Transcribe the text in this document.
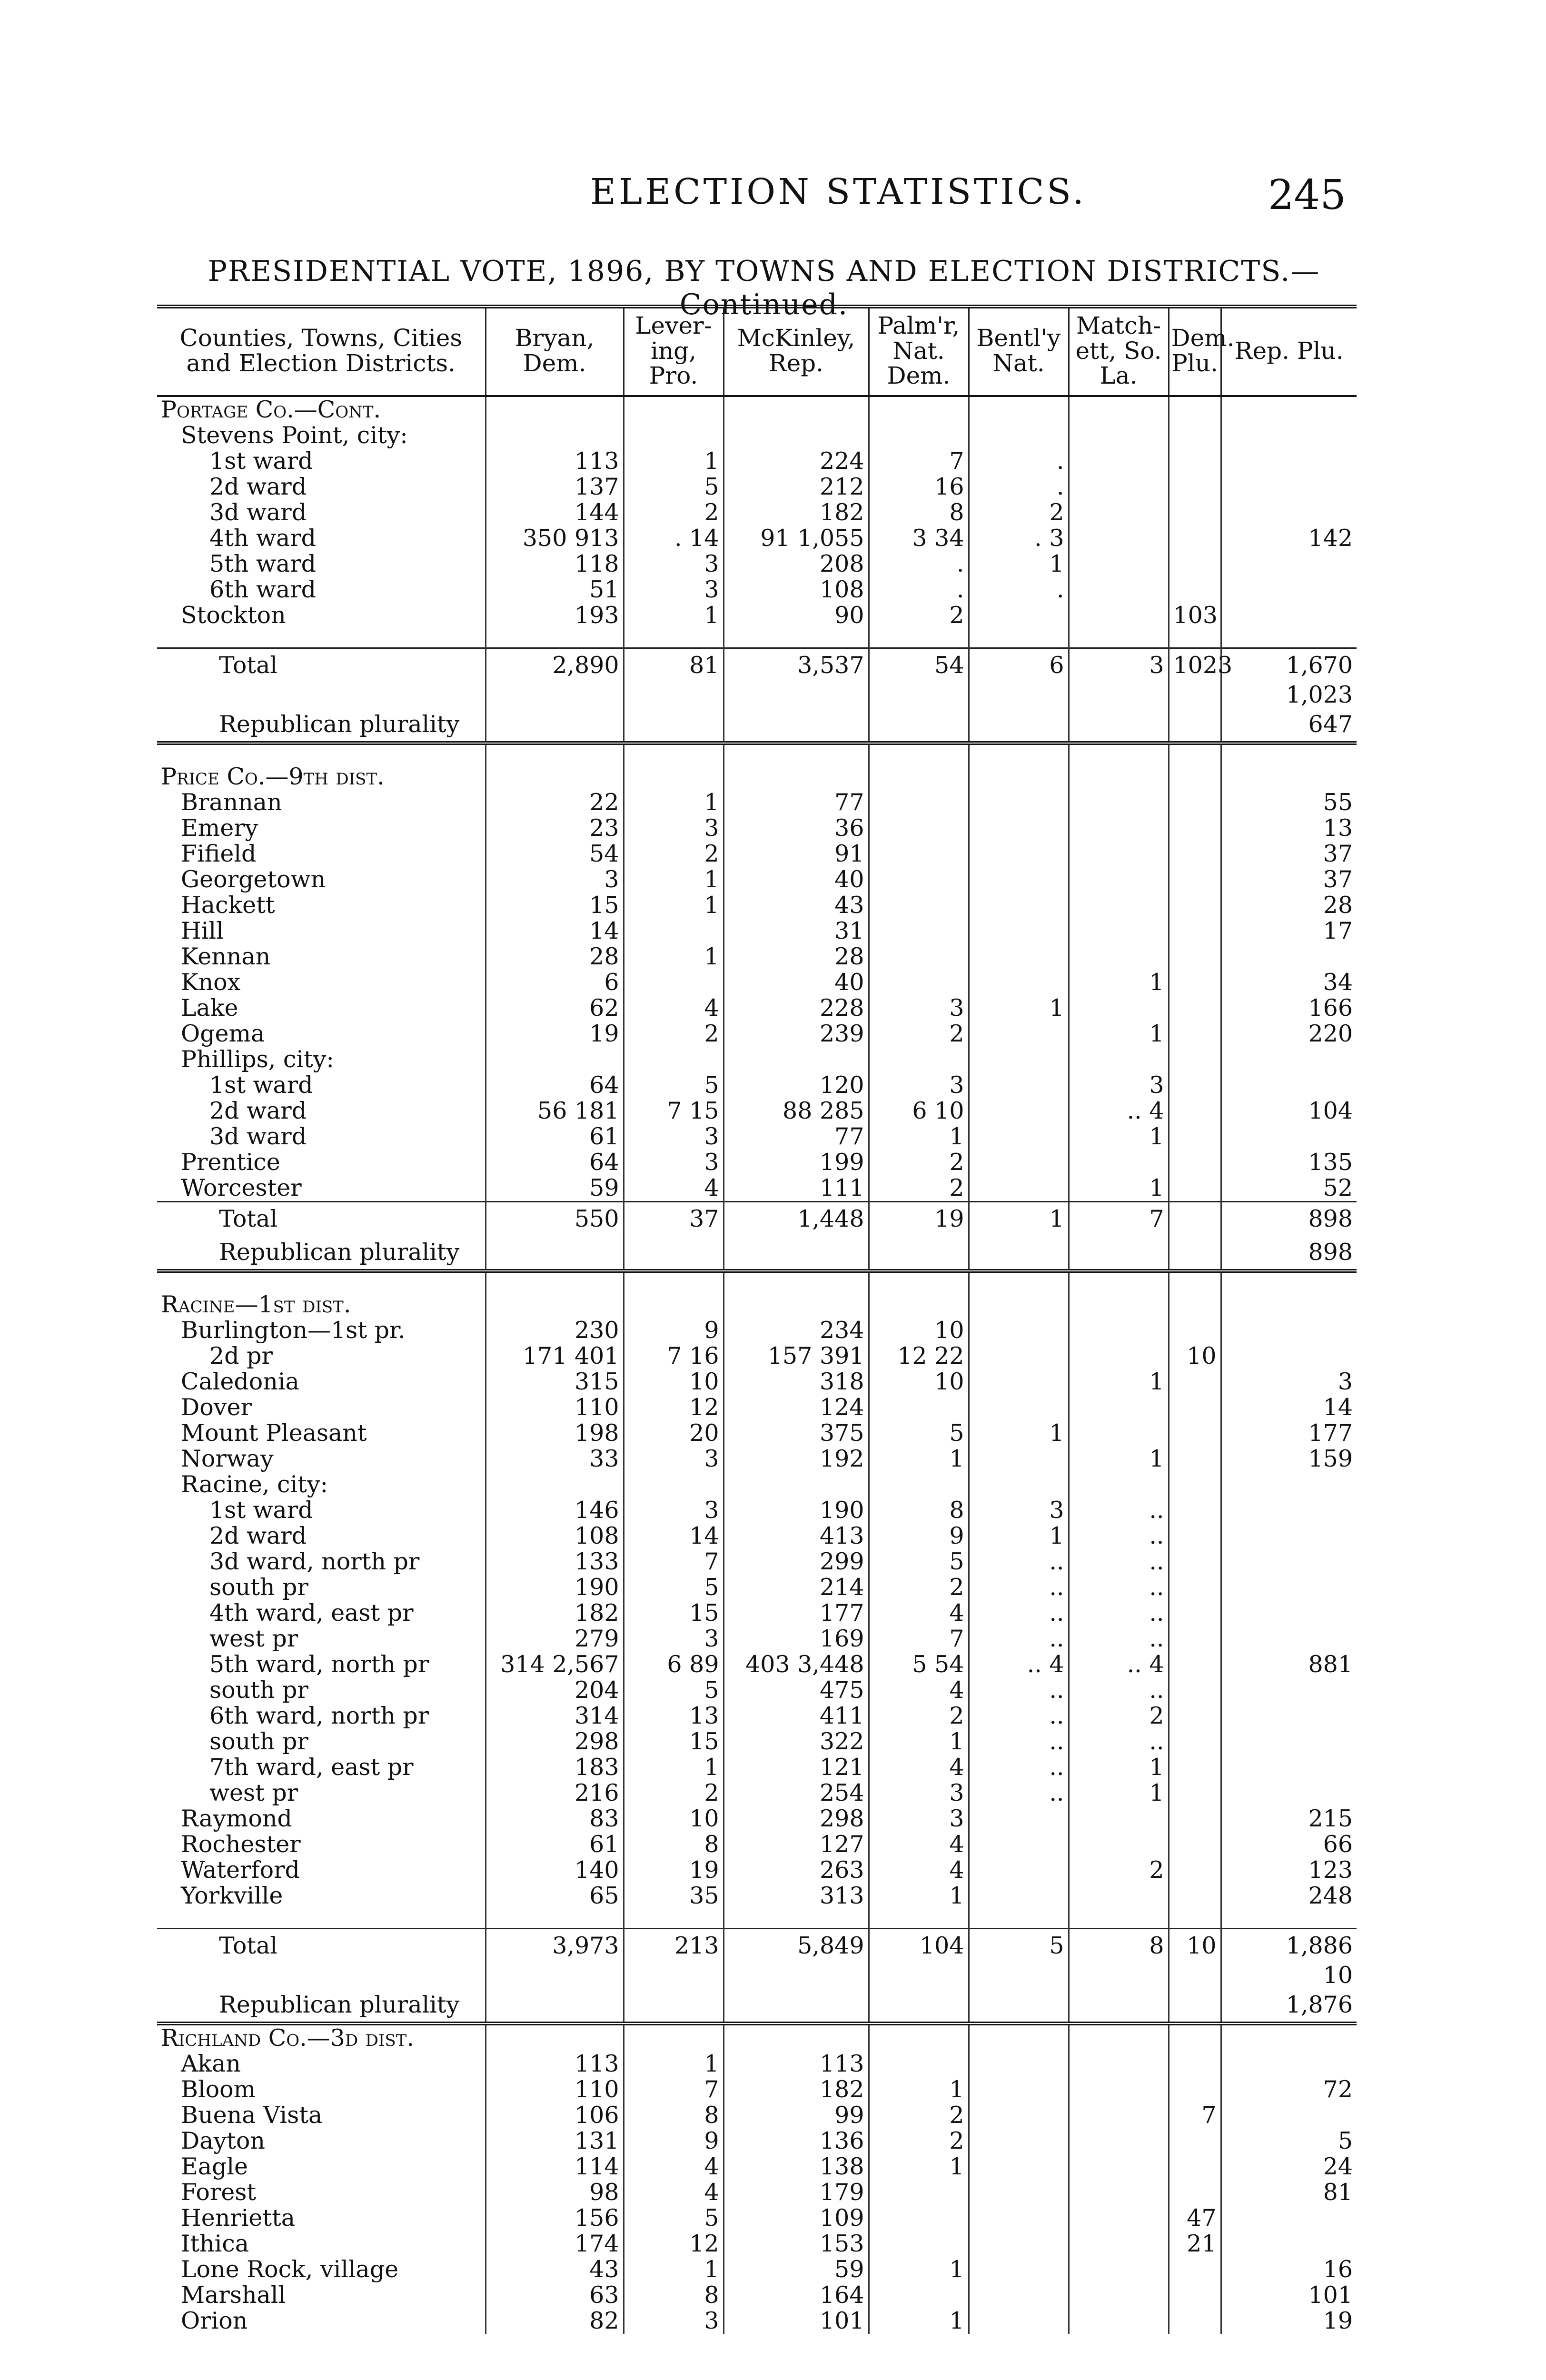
ELECTION STATISTICS.	245
PRESIDENTIAL VOTE, 1896, BY TOWNS AND ELECTION DISTRICTS.—Continued.
Counties, Towns, Cities and Election Districts.	Bryan, Dem.	Lever-ing, Pro.	McKinley, Rep.	Palm'r, Nat. Dem.	Bentl'y Nat.	Match-ett, So. La.	Dem. Plu.	Rep. Plu.
Portage Co.—Cont.								
Stevens Point, city:								
1st ward	113	1	224	7	.			
2d ward	137	5	212	16	.			
3d ward	144	2	182	8	2			
4th ward	350 913	. 14	91 1,055	3 34	. 3			142
5th ward	118	3	208	.	1			
6th ward	51	3	108	.	.			
Stockton	193	1	90	2			103	

Total	2,890	81	3,537	54	6	3	1023	1,670
								1,023
Republican plurality								647

Price Co.—9th dist.								
Brannan	22	1	77					55
Emery	23	3	36					13
Fifield	54	2	91					37
Georgetown	3	1	40					37
Hackett	15	1	43					28
Hill	14		31					17
Kennan	28	1	28					
Knox	6		40			1		34
Lake	62	4	228	3	1			166
Ogema	19	2	239	2		1		220
Phillips, city:								
1st ward	64	5	120	3		3		
2d ward	56 181	7 15	88 285	6 10		.. 4		104
3d ward	61	3	77	1		1		
Prentice	64	3	199	2				135
Worcester	59	4	111	2		1		52
Total	550	37	1,448	19	1	7		898
Republican plurality								898

Racine—1st dist.								
Burlington—1st pr.	230	9	234	10				
2d pr	171 401	7 16	157 391	12 22			10	
Caledonia	315	10	318	10		1		3
Dover	110	12	124					14
Mount Pleasant	198	20	375	5	1			177
Norway	33	3	192	1		1		159
Racine, city:								
1st ward	146	3	190	8	3	..		
2d ward	108	14	413	9	1	..		
3d ward, north pr	133	7	299	5	..	..		
south pr	190	5	214	2	..	..		
4th ward, east pr	182	15	177	4	..	..		
west pr	279	3	169	7	..	..		
5th ward, north pr	314 2,567	6 89	403 3,448	5 54	.. 4	.. 4		881
south pr	204	5	475	4	..	..		
6th ward, north pr	314	13	411	2	..	2		
south pr	298	15	322	1	..	..		
7th ward, east pr	183	1	121	4	..	1		
west pr	216	2	254	3	..	1		
Raymond	83	10	298	3				215
Rochester	61	8	127	4				66
Waterford	140	19	263	4		2		123
Yorkville	65	35	313	1				248

Total	3,973	213	5,849	104	5	8	10	1,886
								10
Republican plurality								1,876
Richland Co.—3d dist.								
Akan	113	1	113					
Bloom	110	7	182	1				72
Buena Vista	106	8	99	2			7	
Dayton	131	9	136	2				5
Eagle	114	4	138	1				24
Forest	98	4	179					81
Henrietta	156	5	109				47	
Ithica	174	12	153				21	
Lone Rock, village	43	1	59	1				16
Marshall	63	8	164					101
Orion	82	3	101	1				19
